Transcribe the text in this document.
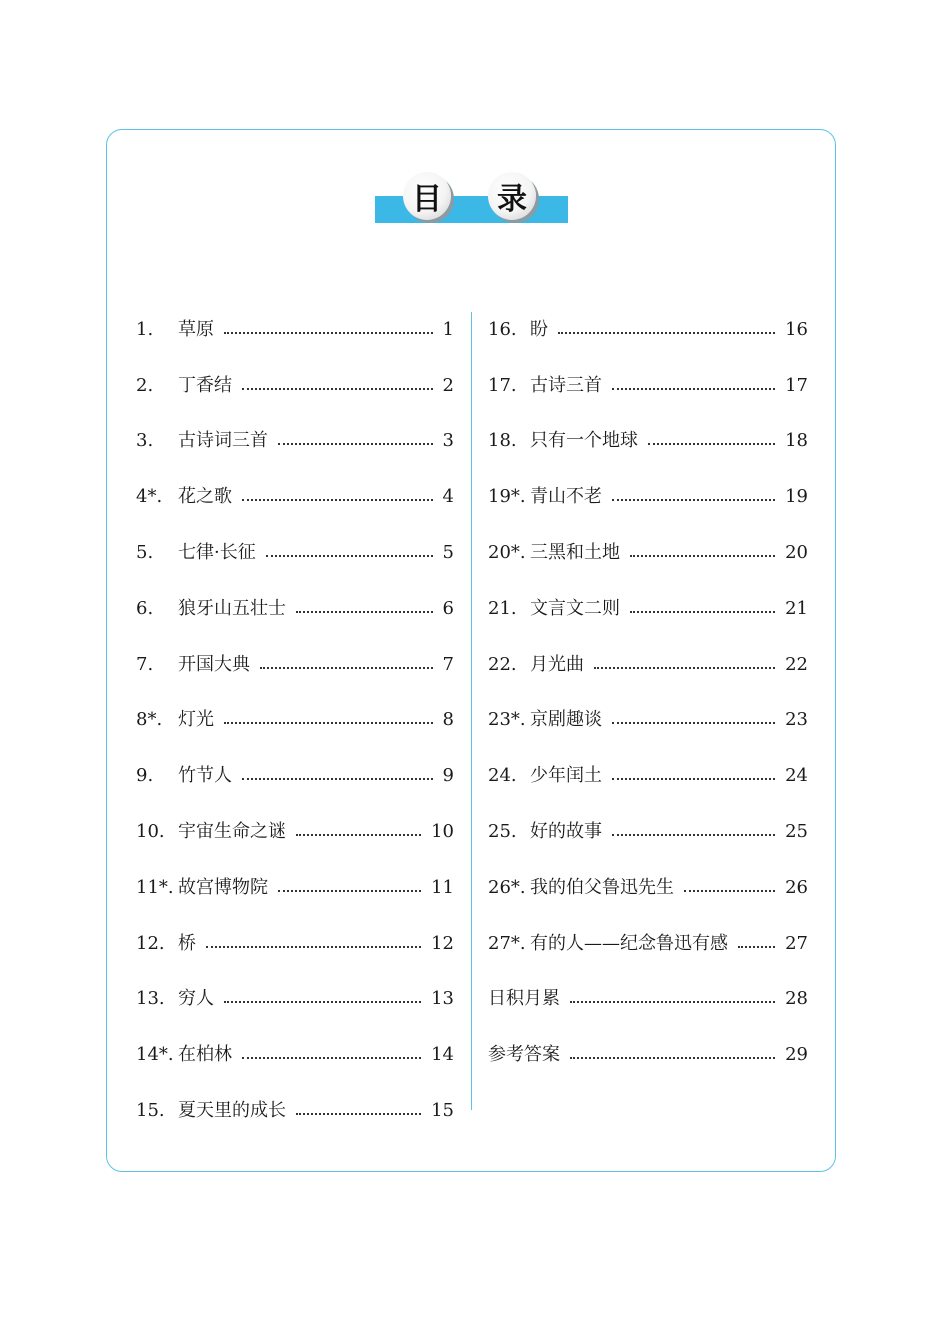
目	录
1.	草原	1
2.	丁香结	2
3.	古诗词三首	3
4*. 花之歌	4
5.	七律·长征	5
6.	狼牙山五壮士	6
7.	开国大典	7
8*. 灯光	8
9.	竹节人	9
10. 宇宙生命之谜	10
11*. 故宫博物院	11
12. 桥	12
13. 穷人	13
14*. 在柏林	14
15. 夏天里的成长	15
16. 盼	16
17. 古诗三首	17
18. 只有一个地球	18
19*. 青山不老	19
20*. 三黑和土地	20
21. 文言文二则	21
22. 月光曲	22
23*. 京剧趣谈	23
24. 少年闰土	24
25. 好的故事	25
26*. 我的伯父鲁迅先生	26
27*. 有的人——纪念鲁迅有感	27
日积月累	28
参考答案	29
